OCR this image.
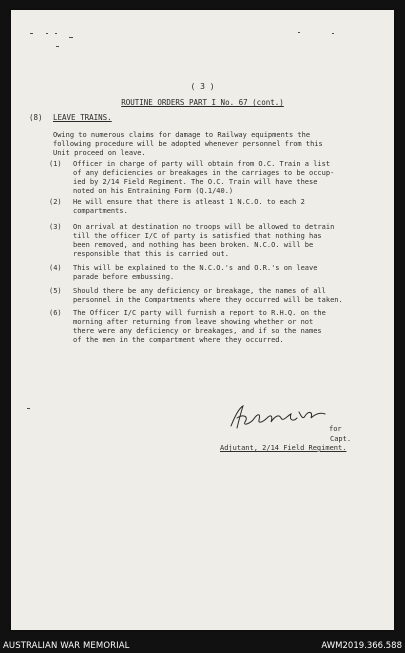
( 3 )
ROUTINE ORDERS PART I No. 67 (cont.)
(8) LEAVE TRAINS.
Owing to numerous claims for damage to Railway equipments the
following procedure will be adopted whenever personnel from this
Unit proceed on leave.
(1) Officer in charge of party will obtain from O.C. Train a list
of any deficiencies or breakages in the carriages to be occup-
ied by 2/14 Field Regiment. The O.C. Train will have these
noted on his Entraining Form (Q.1/40.)
(2) He will ensure that there is atleast 1 N.C.O. to each 2
compartments.
(3) On arrival at destination no troops will be allowed to detrain
till the officer I/C of party is satisfied that nothing has
been removed, and nothing has been broken. N.C.O. will be
responsible that this is carried out.
(4) This will be explained to the N.C.O.'s and O.R.'s on leave
parade before embussing.
(5) Should there be any deficiency or breakage, the names of all
personnel in the Compartments where they occurred will be taken.
(6) The Officer I/C party will furnish a report to R.H.Q. on the
morning after returning from leave showing whether or not
there were any deficiency or breakages, and if so the names
of the men in the compartment where they occurred.
for
Capt.
Adjutant, 2/14 Field Regiment.
AUSTRALIAN WAR MEMORIAL	AWM2019.366.588
